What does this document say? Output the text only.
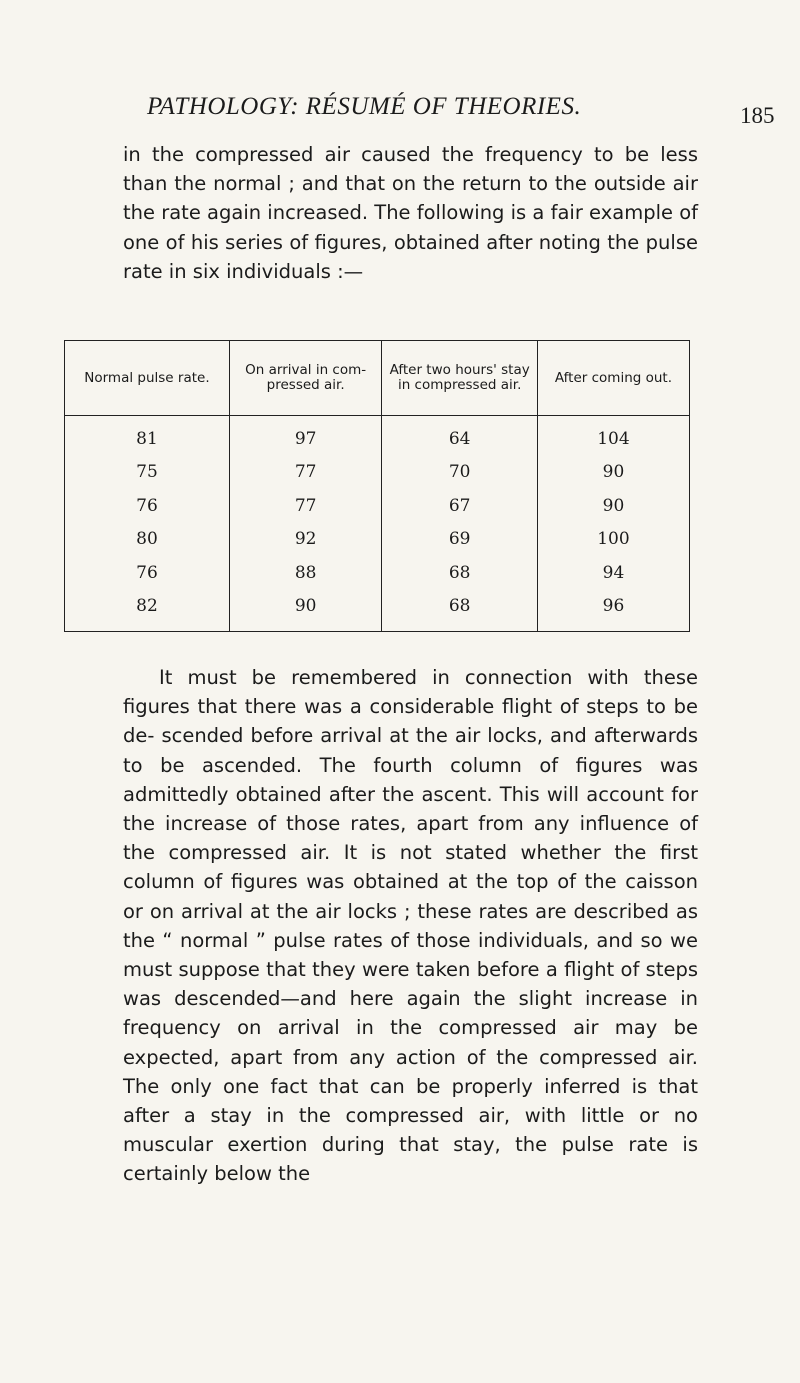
PATHOLOGY: RÉSUMÉ OF THEORIES.	185

in the compressed air caused the frequency to be less than the normal ; and that on the return to the outside air the rate again increased. The following is a fair example of one of his series of figures, obtained after noting the pulse rate in six individuals :—

Normal pulse rate.	On arrival in com- pressed air.	After two hours' stay in compressed air.	After coming out.
81	97	64	104
75	77	70	90
76	77	67	90
80	92	69	100
76	88	68	94
82	90	68	96

It must be remembered in connection with these figures that there was a considerable flight of steps to be de- scended before arrival at the air locks, and afterwards to be ascended. The fourth column of figures was admittedly obtained after the ascent. This will account for the increase of those rates, apart from any influence of the compressed air. It is not stated whether the first column of figures was obtained at the top of the caisson or on arrival at the air locks ; these rates are described as the “ normal ” pulse rates of those individuals, and so we must suppose that they were taken before a flight of steps was descended—and here again the slight increase in frequency on arrival in the compressed air may be expected, apart from any action of the compressed air. The only one fact that can be properly inferred is that after a stay in the compressed air, with little or no muscular exertion during that stay, the pulse rate is certainly below the
